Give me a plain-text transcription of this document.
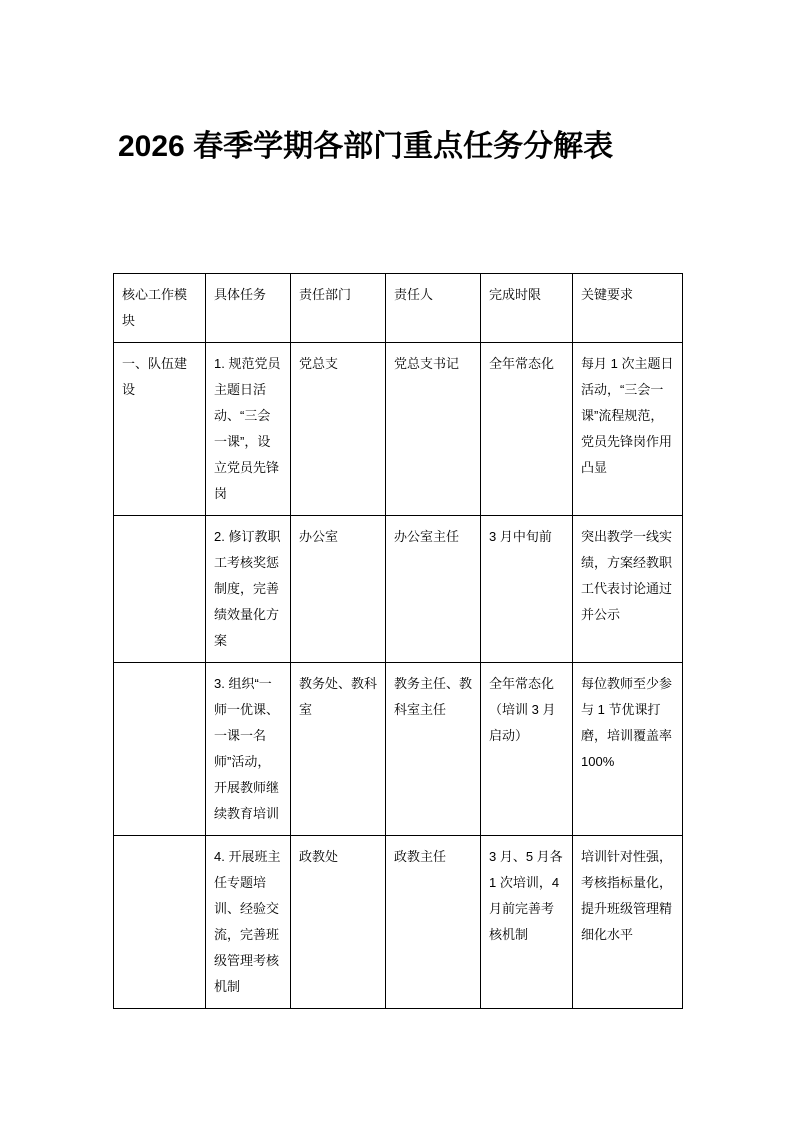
2026 春季学期各部门重点任务分解表
核心工作模块	具体任务	责任部门	责任人	完成时限	关键要求
一、队伍建设	1. 规范党员主题日活动、“三会一课”，设立党员先锋岗	党总支	党总支书记	全年常态化	每月 1 次主题日活动，“三会一课”流程规范，党员先锋岗作用凸显
	2. 修订教职工考核奖惩制度，完善绩效量化方案	办公室	办公室主任	3 月中旬前	突出教学一线实绩，方案经教职工代表讨论通过并公示
	3. 组织“一师一优课、一课一名师”活动，开展教师继续教育培训	教务处、教科室	教务主任、教科室主任	全年常态化（培训 3 月启动）	每位教师至少参与 1 节优课打磨，培训覆盖率 100%
	4. 开展班主任专题培训、经验交流，完善班级管理考核机制	政教处	政教主任	3 月、5 月各 1 次培训，4 月前完善考核机制	培训针对性强，考核指标量化，提升班级管理精细化水平
